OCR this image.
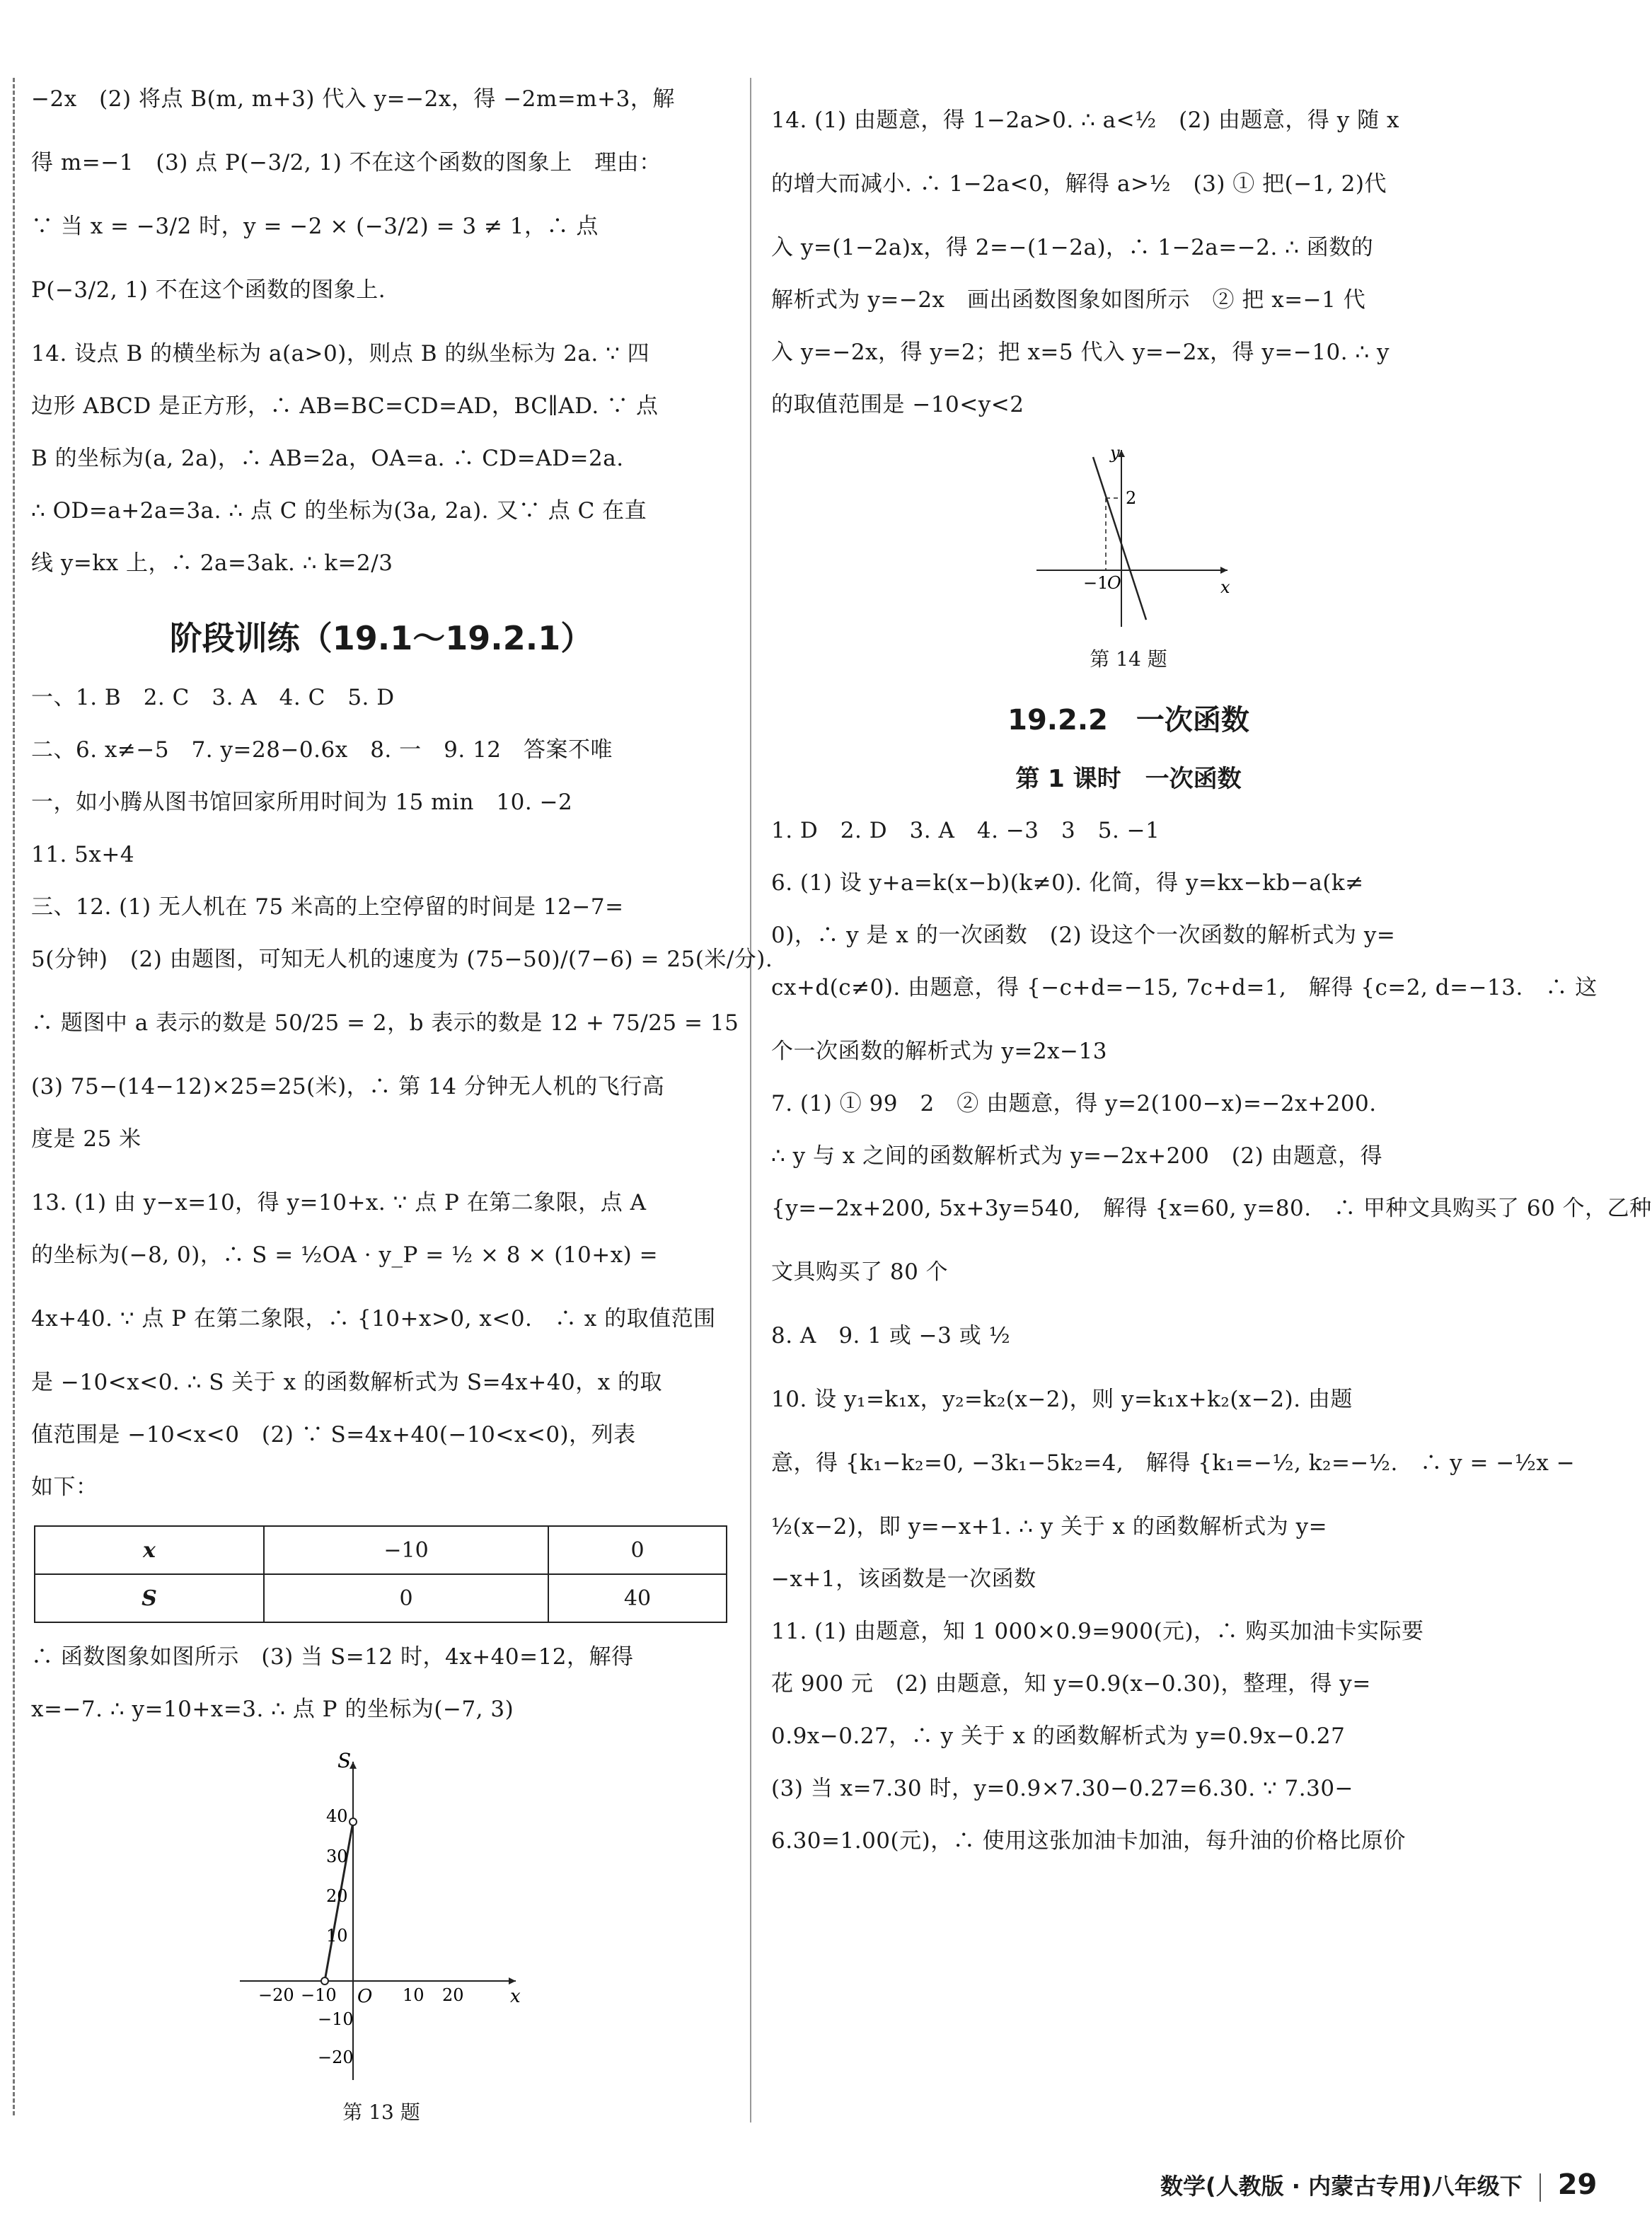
−2x　(2) 将点 B(m, m+3) 代入 y=−2x，得 −2m=m+3，解
得 m=−1　(3) 点 P(−3/2, 1) 不在这个函数的图象上　理由：
∵ 当 x = −3/2 时，y = −2 × (−3/2) = 3 ≠ 1，∴ 点
P(−3/2, 1) 不在这个函数的图象上.
14. 设点 B 的横坐标为 a(a>0)，则点 B 的纵坐标为 2a. ∵ 四
边形 ABCD 是正方形，∴ AB=BC=CD=AD，BC∥AD. ∵ 点
B 的坐标为(a, 2a)，∴ AB=2a，OA=a. ∴ CD=AD=2a.
∴ OD=a+2a=3a. ∴ 点 C 的坐标为(3a, 2a). 又∵ 点 C 在直
线 y=kx 上，∴ 2a=3ak. ∴ k=2/3
阶段训练（19.1～19.2.1）
一、1. B　2. C　3. A　4. C　5. D
二、6. x≠−5　7. y=28−0.6x　8. 一　9. 12　答案不唯
一，如小腾从图书馆回家所用时间为 15 min　10. −2
11. 5x+4
三、12. (1) 无人机在 75 米高的上空停留的时间是 12−7=
5(分钟)　(2) 由题图，可知无人机的速度为 (75−50)/(7−6) = 25(米/分).
∴ 题图中 a 表示的数是 50/25 = 2，b 表示的数是 12 + 75/25 = 15
(3) 75−(14−12)×25=25(米)，∴ 第 14 分钟无人机的飞行高
度是 25 米
13. (1) 由 y−x=10，得 y=10+x. ∵ 点 P 在第二象限，点 A
的坐标为(−8, 0)，∴ S = ½OA · y_P = ½ × 8 × (10+x) =
4x+40. ∵ 点 P 在第二象限，∴ {10+x>0, x<0.　∴ x 的取值范围
是 −10<x<0. ∴ S 关于 x 的函数解析式为 S=4x+40，x 的取
值范围是 −10<x<0　(2) ∵ S=4x+40(−10<x<0)，列表
如下：
x	−10	0
S	0	40
∴ 函数图象如图所示　(3) 当 S=12 时，4x+40=12，解得
x=−7. ∴ y=10+x=3. ∴ 点 P 的坐标为(−7, 3)
S
x
O
40
30
20
10
−10
−20
−20 −10	10 20
第 13 题
14. (1) 由题意，得 1−2a>0. ∴ a<½　(2) 由题意，得 y 随 x
的增大而减小. ∴ 1−2a<0，解得 a>½　(3) ① 把(−1, 2)代
入 y=(1−2a)x，得 2=−(1−2a)，∴ 1−2a=−2. ∴ 函数的
解析式为 y=−2x　画出函数图象如图所示　② 把 x=−1 代
入 y=−2x，得 y=2；把 x=5 代入 y=−2x，得 y=−10. ∴ y
的取值范围是 −10<y<2
y
x
2
−1
O
第 14 题
19.2.2　一次函数
第 1 课时　一次函数
1. D　2. D　3. A　4. −3　3　5. −1
6. (1) 设 y+a=k(x−b)(k≠0). 化简，得 y=kx−kb−a(k≠
0)，∴ y 是 x 的一次函数　(2) 设这个一次函数的解析式为 y=
cx+d(c≠0). 由题意，得 {−c+d=−15, 7c+d=1,　解得 {c=2, d=−13.　∴ 这
个一次函数的解析式为 y=2x−13
7. (1) ① 99　2　② 由题意，得 y=2(100−x)=−2x+200.
∴ y 与 x 之间的函数解析式为 y=−2x+200　(2) 由题意，得
{y=−2x+200, 5x+3y=540,　解得 {x=60, y=80.　∴ 甲种文具购买了 60 个，乙种
文具购买了 80 个
8. A　9. 1 或 −3 或 ½
10. 设 y₁=k₁x，y₂=k₂(x−2)，则 y=k₁x+k₂(x−2). 由题
意，得 {k₁−k₂=0, −3k₁−5k₂=4,　解得 {k₁=−½, k₂=−½.　∴ y = −½x −
½(x−2)，即 y=−x+1. ∴ y 关于 x 的函数解析式为 y=
−x+1，该函数是一次函数
11. (1) 由题意，知 1 000×0.9=900(元)，∴ 购买加油卡实际要
花 900 元　(2) 由题意，知 y=0.9(x−0.30)，整理，得 y=
0.9x−0.27，∴ y 关于 x 的函数解析式为 y=0.9x−0.27
(3) 当 x=7.30 时，y=0.9×7.30−0.27=6.30. ∵ 7.30−
6.30=1.00(元)，∴ 使用这张加油卡加油，每升油的价格比原价
数学(人教版 · 内蒙古专用)八年级下 29
